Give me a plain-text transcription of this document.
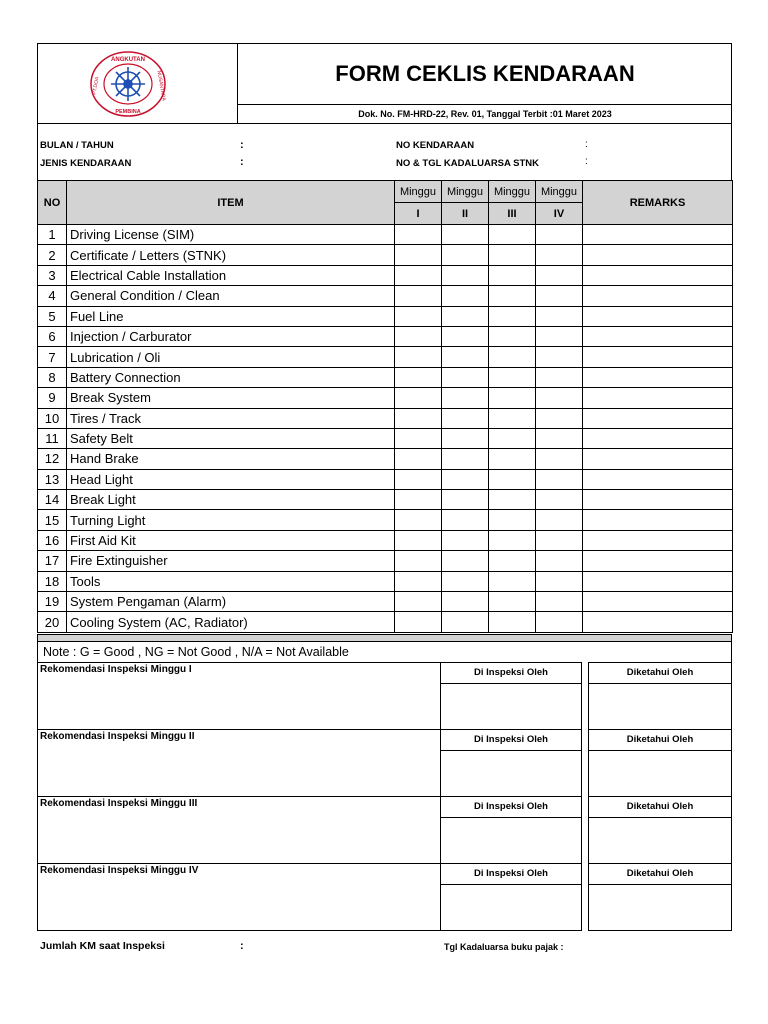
ANGKUTAN
PT.DOA
PEMBINA
NUSANTARA	FORM CEKLIS KENDARAAN
Dok. No. FM-HRD-22, Rev. 01, Tanggal Terbit :01 Maret 2023
BULAN / TAHUN	:
JENIS KENDARAAN	:
NO KENDARAAN	:
NO & TGL KADALUARSA STNK	:
NO	ITEM	Minggu	Minggu	Minggu	Minggu	REMARKS
		I	II	III	IV	
1	Driving License (SIM)					
2	Certificate / Letters (STNK)					
3	Electrical Cable Installation					
4	General Condition / Clean					
5	Fuel Line					
6	Injection / Carburator					
7	Lubrication / Oli					
8	Battery Connection					
9	Break System					
10	Tires / Track					
11	Safety Belt					
12	Hand Brake					
13	Head Light					
14	Break Light					
15	Turning Light					
16	First Aid Kit					
17	Fire Extinguisher					
18	Tools					
19	System Pengaman (Alarm)					
20	Cooling System (AC, Radiator)					
Note : G = Good , NG = Not Good , N/A = Not Available
Rekomendasi Inspeksi Minggu I	Di Inspeksi Oleh	Diketahui Oleh
Rekomendasi Inspeksi Minggu II	Di Inspeksi Oleh	Diketahui Oleh
Rekomendasi Inspeksi Minggu III	Di Inspeksi Oleh	Diketahui Oleh
Rekomendasi Inspeksi Minggu IV	Di Inspeksi Oleh	Diketahui Oleh
Jumlah KM saat Inspeksi	:	Tgl Kadaluarsa buku pajak :
